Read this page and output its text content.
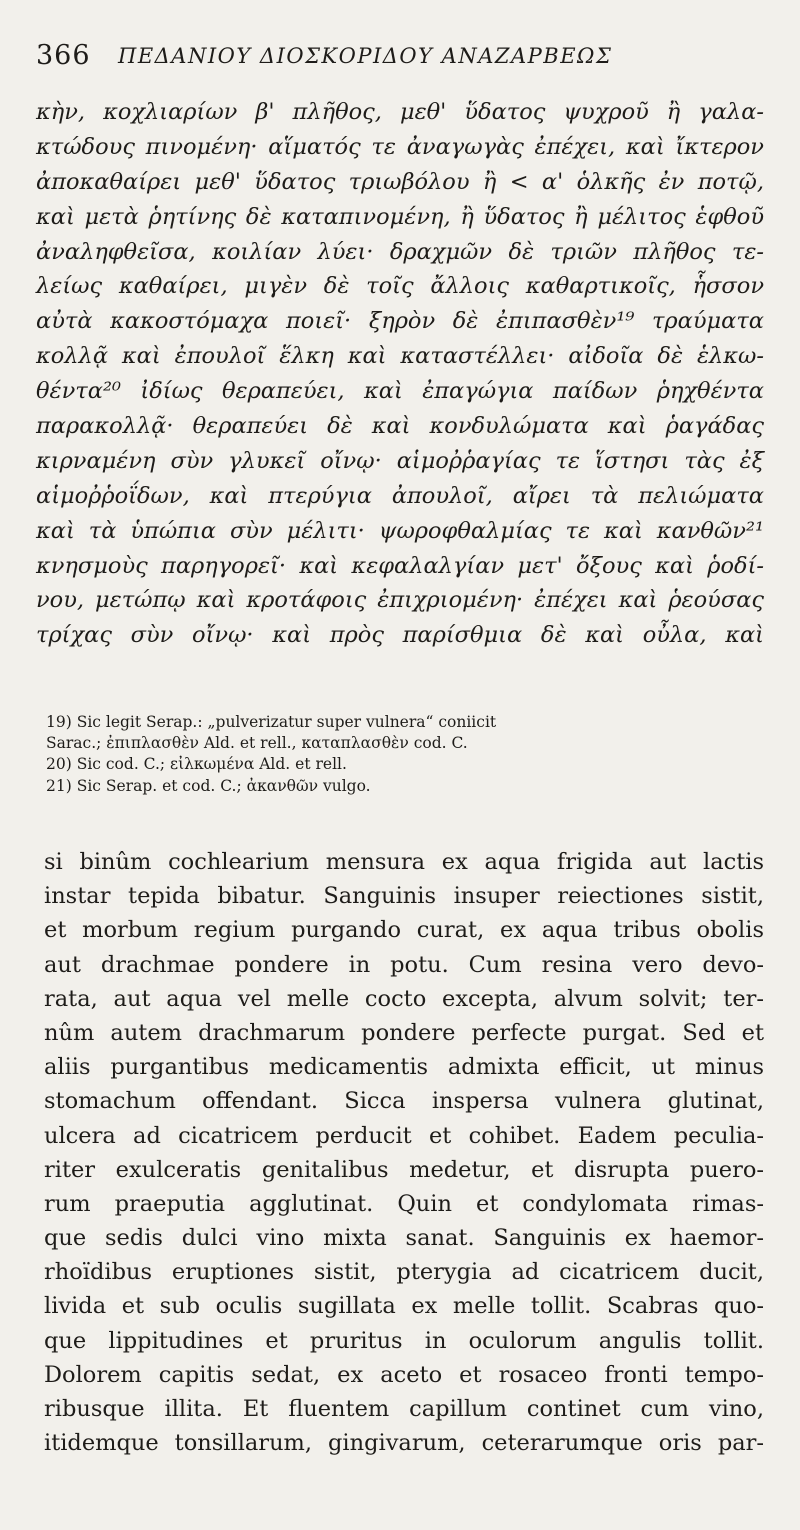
366 ΠΕΔΑΝΙΟΥ ΔΙΟΣΚΟΡΙΔΟΥ ΑΝΑΖΑΡΒΕΩΣ
κὴν, κοχλιαρίων β' πλῆθος, μεθ' ὕδατος ψυχροῦ ἢ γαλα-
κτώδους πινομένη· αἵματός τε ἀναγωγὰς ἐπέχει, καὶ ἴκτερον
ἀποκαθαίρει μεθ' ὕδατος τριωβόλου ἢ < α' ὁλκῆς ἐν ποτῷ,
καὶ μετὰ ῥητίνης δὲ καταπινομένη, ἢ ὕδατος ἢ μέλιτος ἑφθοῦ
ἀναληφθεῖσα, κοιλίαν λύει· δραχμῶν δὲ τριῶν πλῆθος τε-
λείως καθαίρει, μιγὲν δὲ τοῖς ἄλλοις καθαρτικοῖς, ἧσσον
αὐτὰ κακοστόμαχα ποιεῖ· ξηρὸν δὲ ἐπιπασθὲν¹⁹ τραύματα
κολλᾷ καὶ ἐπουλοῖ ἕλκη καὶ καταστέλλει· αἰδοῖα δὲ ἑλκω-
θέντα²⁰ ἰδίως θεραπεύει, καὶ ἐπαγώγια παίδων ῥηχθέντα
παρακολλᾷ· θεραπεύει δὲ καὶ κονδυλώματα καὶ ῥαγάδας
κιρναμένη σὺν γλυκεῖ οἴνῳ· αἱμοῤῥαγίας τε ἵστησι τὰς ἐξ
αἱμοῤῥοΐδων, καὶ πτερύγια ἀπουλοῖ, αἴρει τὰ πελιώματα
καὶ τὰ ὑπώπια σὺν μέλιτι· ψωροφθαλμίας τε καὶ κανθῶν²¹
κνησμοὺς παρηγορεῖ· καὶ κεφαλαλγίαν μετ' ὄξους καὶ ῥοδί-
νου, μετώπῳ καὶ κροτάφοις ἐπιχριομένη· ἐπέχει καὶ ῥεούσας
τρίχας σὺν οἴνῳ· καὶ πρὸς παρίσθμια δὲ καὶ οὖλα, καὶ
19) Sic legit Serap.: „pulverizatur super vulnera“ coniicit
Sarac.; ἐπιπλασθὲν Ald. et rell., καταπλασθὲν cod. C.
20) Sic cod. C.; εἰλκωμένα Ald. et rell.
21) Sic Serap. et cod. C.; ἀκανθῶν vulgo.
si binûm cochlearium mensura ex aqua frigida aut lactis
instar tepida bibatur. Sanguinis insuper reiectiones sistit,
et morbum regium purgando curat, ex aqua tribus obolis
aut drachmae pondere in potu. Cum resina vero devo-
rata, aut aqua vel melle cocto excepta, alvum solvit; ter-
nûm autem drachmarum pondere perfecte purgat. Sed et
aliis purgantibus medicamentis admixta efficit, ut minus
stomachum offendant. Sicca inspersa vulnera glutinat,
ulcera ad cicatricem perducit et cohibet. Eadem peculia-
riter exulceratis genitalibus medetur, et disrupta puero-
rum praeputia agglutinat. Quin et condylomata rimas-
que sedis dulci vino mixta sanat. Sanguinis ex haemor-
rhoïdibus eruptiones sistit, pterygia ad cicatricem ducit,
livida et sub oculis sugillata ex melle tollit. Scabras quo-
que lippitudines et pruritus in oculorum angulis tollit.
Dolorem capitis sedat, ex aceto et rosaceo fronti tempo-
ribusque illita. Et fluentem capillum continet cum vino,
itidemque tonsillarum, gingivarum, ceterarumque oris par-
